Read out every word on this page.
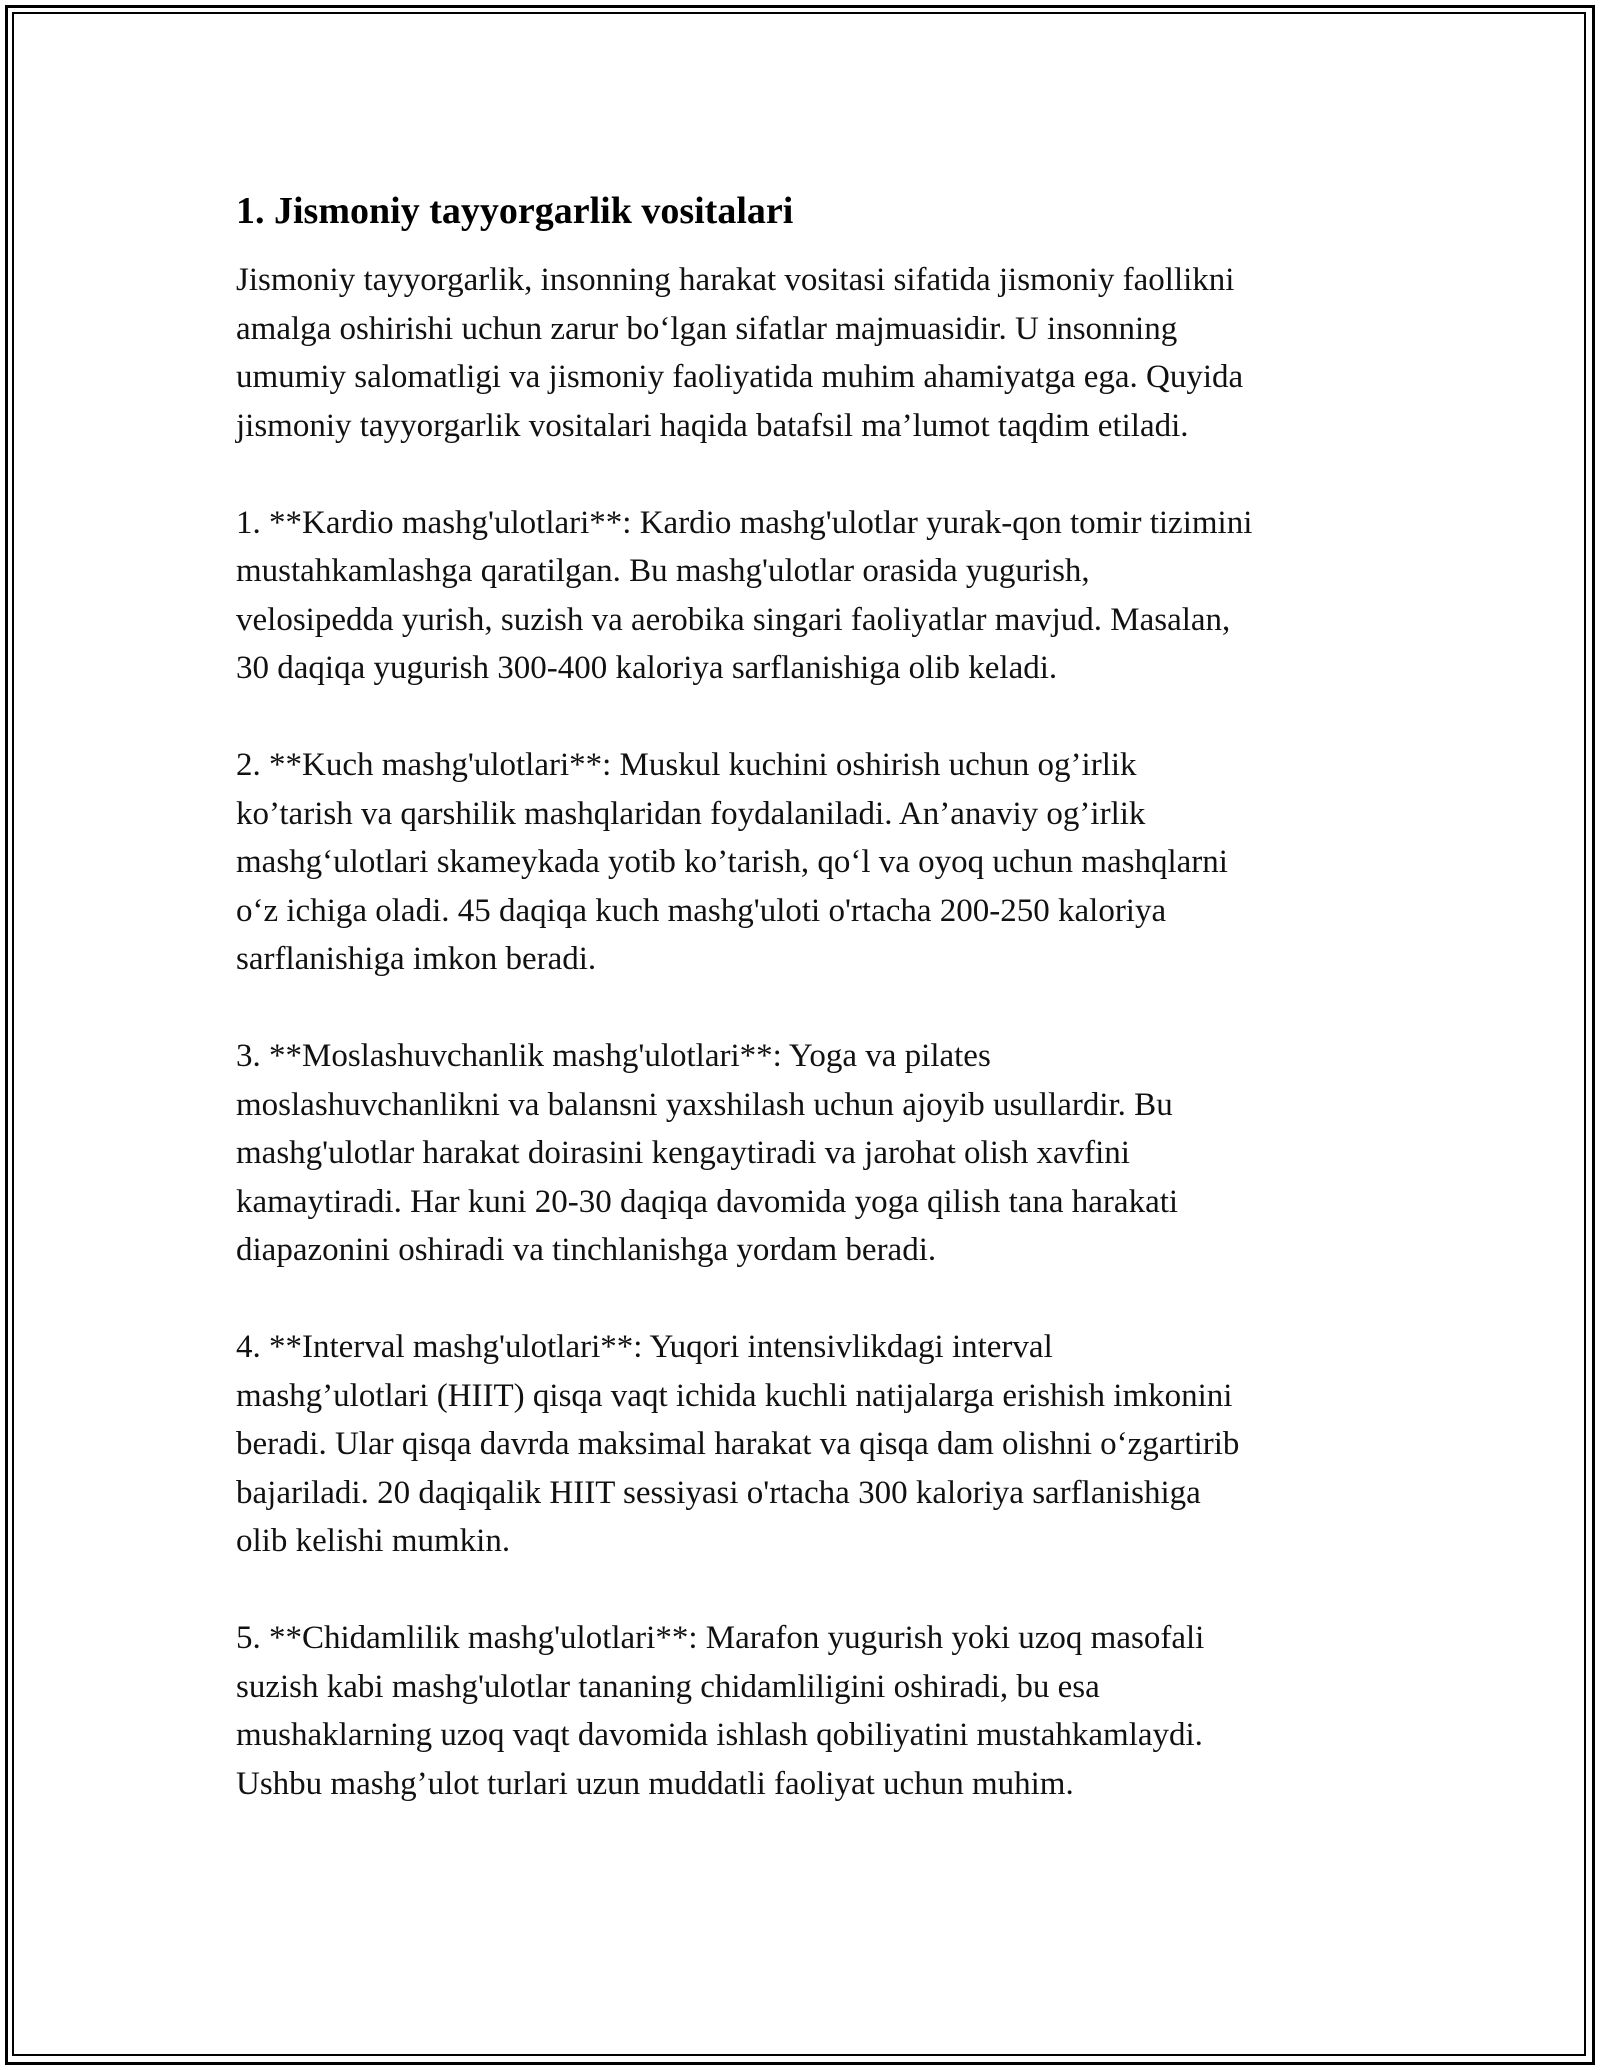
1. Jismoniy tayyorgarlik vositalari

Jismoniy tayyorgarlik, insonning harakat vositasi sifatida jismoniy faollikni
amalga oshirishi uchun zarur bo‘lgan sifatlar majmuasidir. U insonning
umumiy salomatligi va jismoniy faoliyatida muhim ahamiyatga ega. Quyida
jismoniy tayyorgarlik vositalari haqida batafsil ma’lumot taqdim etiladi.

1. **Kardio mashg'ulotlari**: Kardio mashg'ulotlar yurak-qon tomir tizimini
mustahkamlashga qaratilgan. Bu mashg'ulotlar orasida yugurish,
velosipedda yurish, suzish va aerobika singari faoliyatlar mavjud. Masalan,
30 daqiqa yugurish 300-400 kaloriya sarflanishiga olib keladi.

2. **Kuch mashg'ulotlari**: Muskul kuchini oshirish uchun og’irlik
ko’tarish va qarshilik mashqlaridan foydalaniladi. An’anaviy og’irlik
mashg‘ulotlari skameykada yotib ko’tarish, qo‘l va oyoq uchun mashqlarni
o‘z ichiga oladi. 45 daqiqa kuch mashg'uloti o'rtacha 200-250 kaloriya
sarflanishiga imkon beradi.

3. **Moslashuvchanlik mashg'ulotlari**: Yoga va pilates
moslashuvchanlikni va balansni yaxshilash uchun ajoyib usullardir. Bu
mashg'ulotlar harakat doirasini kengaytiradi va jarohat olish xavfini
kamaytiradi. Har kuni 20-30 daqiqa davomida yoga qilish tana harakati
diapazonini oshiradi va tinchlanishga yordam beradi.

4. **Interval mashg'ulotlari**: Yuqori intensivlikdagi interval
mashg’ulotlari (HIIT) qisqa vaqt ichida kuchli natijalarga erishish imkonini
beradi. Ular qisqa davrda maksimal harakat va qisqa dam olishni o‘zgartirib
bajariladi. 20 daqiqalik HIIT sessiyasi o'rtacha 300 kaloriya sarflanishiga
olib kelishi mumkin.

5. **Chidamlilik mashg'ulotlari**: Marafon yugurish yoki uzoq masofali
suzish kabi mashg'ulotlar tananing chidamliligini oshiradi, bu esa
mushaklarning uzoq vaqt davomida ishlash qobiliyatini mustahkamlaydi.
Ushbu mashg’ulot turlari uzun muddatli faoliyat uchun muhim.
